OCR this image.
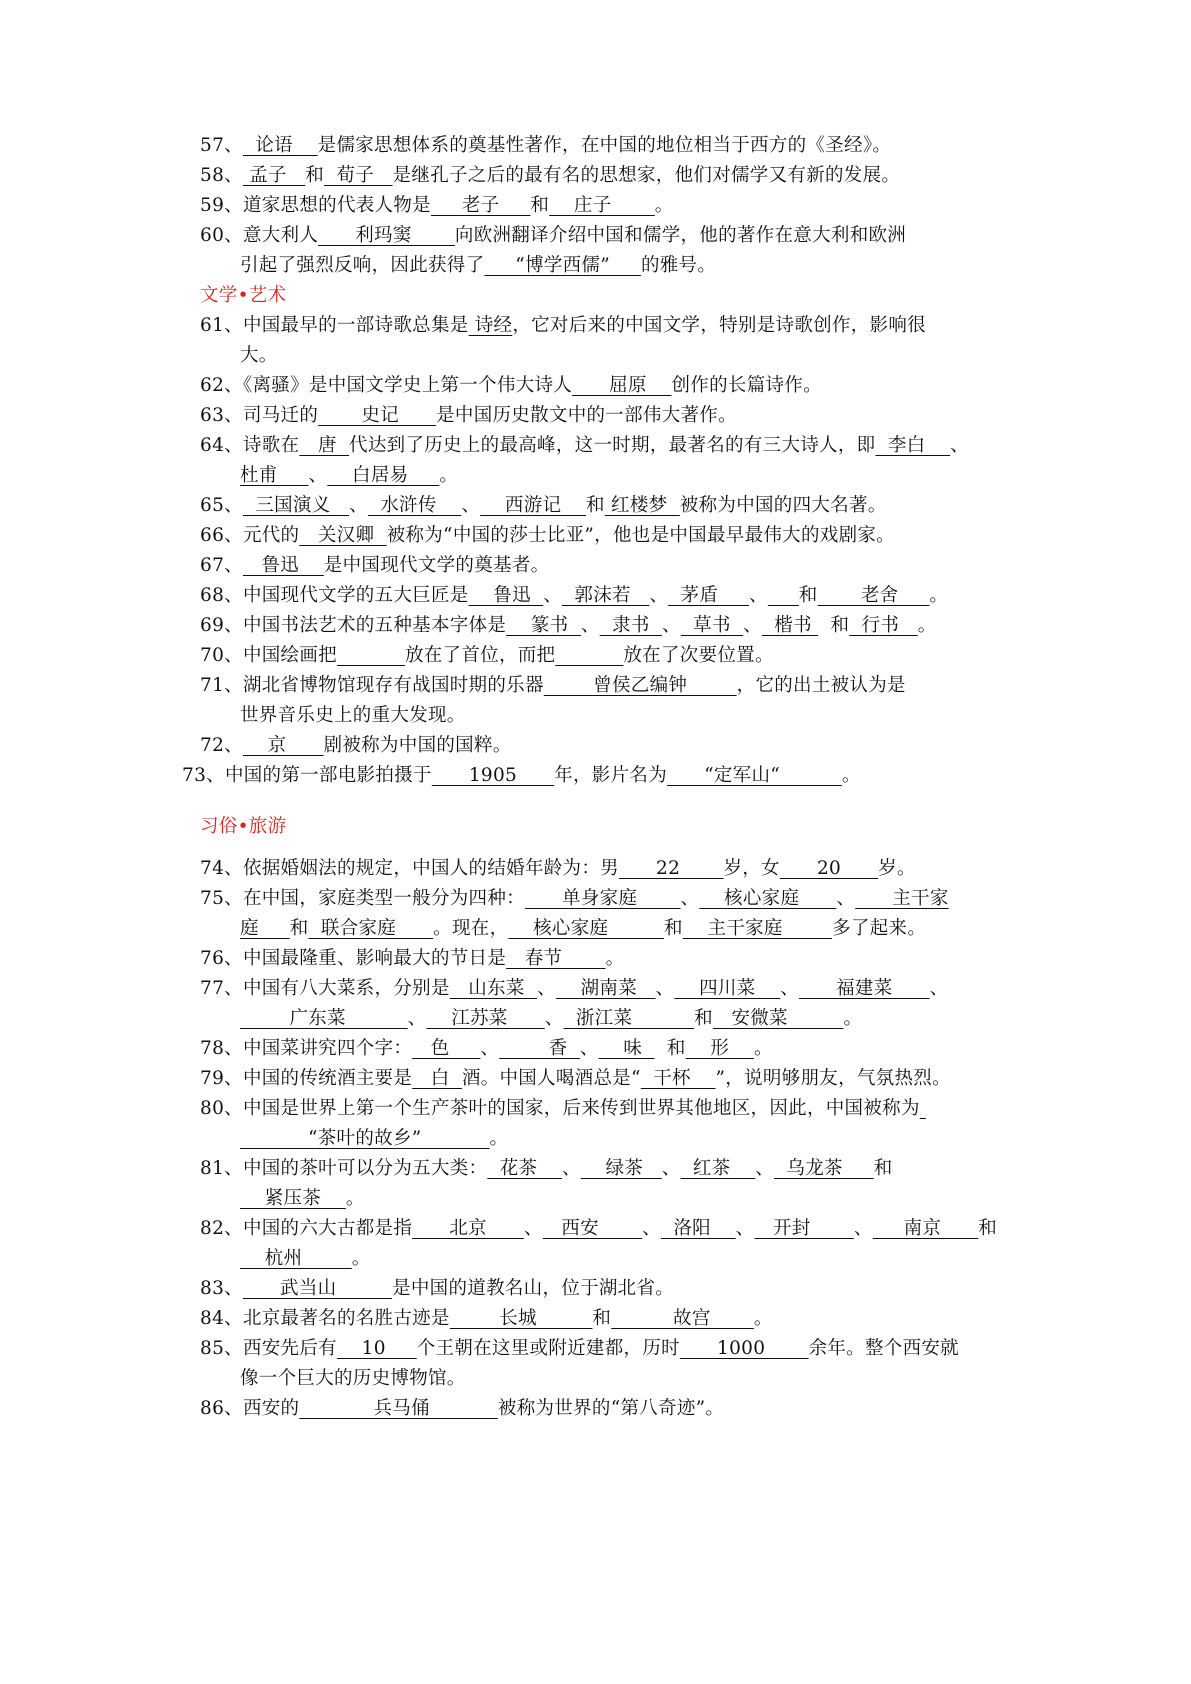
57、  论语    是儒家思想体系的奠基性著作，在中国的地位相当于西方的《圣经》。
58、 孟子   和  荀子   是继孔子之后的最有名的思想家，他们对儒学又有新的发展。
59、道家思想的代表人物是     老子     和    庄子       。
60、意大利人      利玛窦       向欧洲翻译介绍中国和儒学，他的著作在意大利和欧洲
引起了强烈反响，因此获得了     “博学西儒”     的雅号。
文学•艺术
61、中国最早的一部诗歌总集是 诗经，它对后来的中国文学，特别是诗歌创作，影响很
大。
62、《离骚》是中国文学史上第一个伟大诗人      屈原    创作的长篇诗作。
63、司马迁的       史记      是中国历史散文中的一部伟大著作。
64、诗歌在   唐  代达到了历史上的最高峰，这一时期，最著名的有三大诗人，即  李白    、
杜甫     、    白居易     。
65、  三国演义   、  水浒传    、    西游记    和 红楼梦  被称为中国的四大名著。
66、元代的   关汉卿  被称为“中国的莎士比亚”，他也是中国最早最伟大的戏剧家。
67、   鲁迅    是中国现代文学的奠基者。
68、中国现代文学的五大巨匠是    鲁迅  、  郭沫若   、  茅盾     、 和       老舍     。
69、中国书法艺术的五种基本字体是    篆书  、  隶书  、  草书  、  楷书   和  行书   。
70、中国绘画把	放在了首位，而把	放在了次要位置。
71、湖北省博物馆现存有战国时期的乐器        曾侯乙编钟        ，它的出土被认为是
世界音乐史上的重大发现。
72、    京      剧被称为中国的国粹。
73、中国的第一部电影拍摄于      1905      年，影片名为      “定军山“          。
习俗•旅游
74、依据婚姻法的规定，中国人的结婚年龄为：男      22       岁，女      20      岁。
75、在中国，家庭类型一般分为四种：      单身家庭       、    核心家庭      、      主干家
庭     和  联合家庭      。现在，    核心家庭         和    主干家庭        多了起来。
76、中国最隆重、影响最大的节日是   春节       。
77、中国有八大菜系，分别是   山东菜  、    湖南菜   、    四川菜    、      福建菜      、
广东菜          、    江苏菜      、  浙江菜          和   安微菜         。
78、中国菜讲究四个字：   色     、        香  、    味    和    形    。
79、中国的传统酒主要是   白  酒。中国人喝酒总是“  干杯    ”，说明够朋友，气氛热烈。
80、中国是世界上第一个生产茶叶的国家，后来传到世界其他地区，因此，中国被称为
“茶叶的故乡”           。
81、中国的茶叶可以分为五大类：  花茶    、    绿茶   、  红茶    、  乌龙茶     和
紧压茶    。
82、中国的六大古都是指      北京      、   西安       、  洛阳    、   开封       、     南京      和
杭州        。
83、      武当山         是中国的道教名山，位于湖北省。
84、北京最著名的名胜古迹是        长城         和          故宫       。
85、西安先后有    10     个王朝在这里或附近建都，历时      1000       余年。整个西安就
像一个巨大的历史博物馆。
86、西安的            兵马俑           被称为世界的“第八奇迹”。
